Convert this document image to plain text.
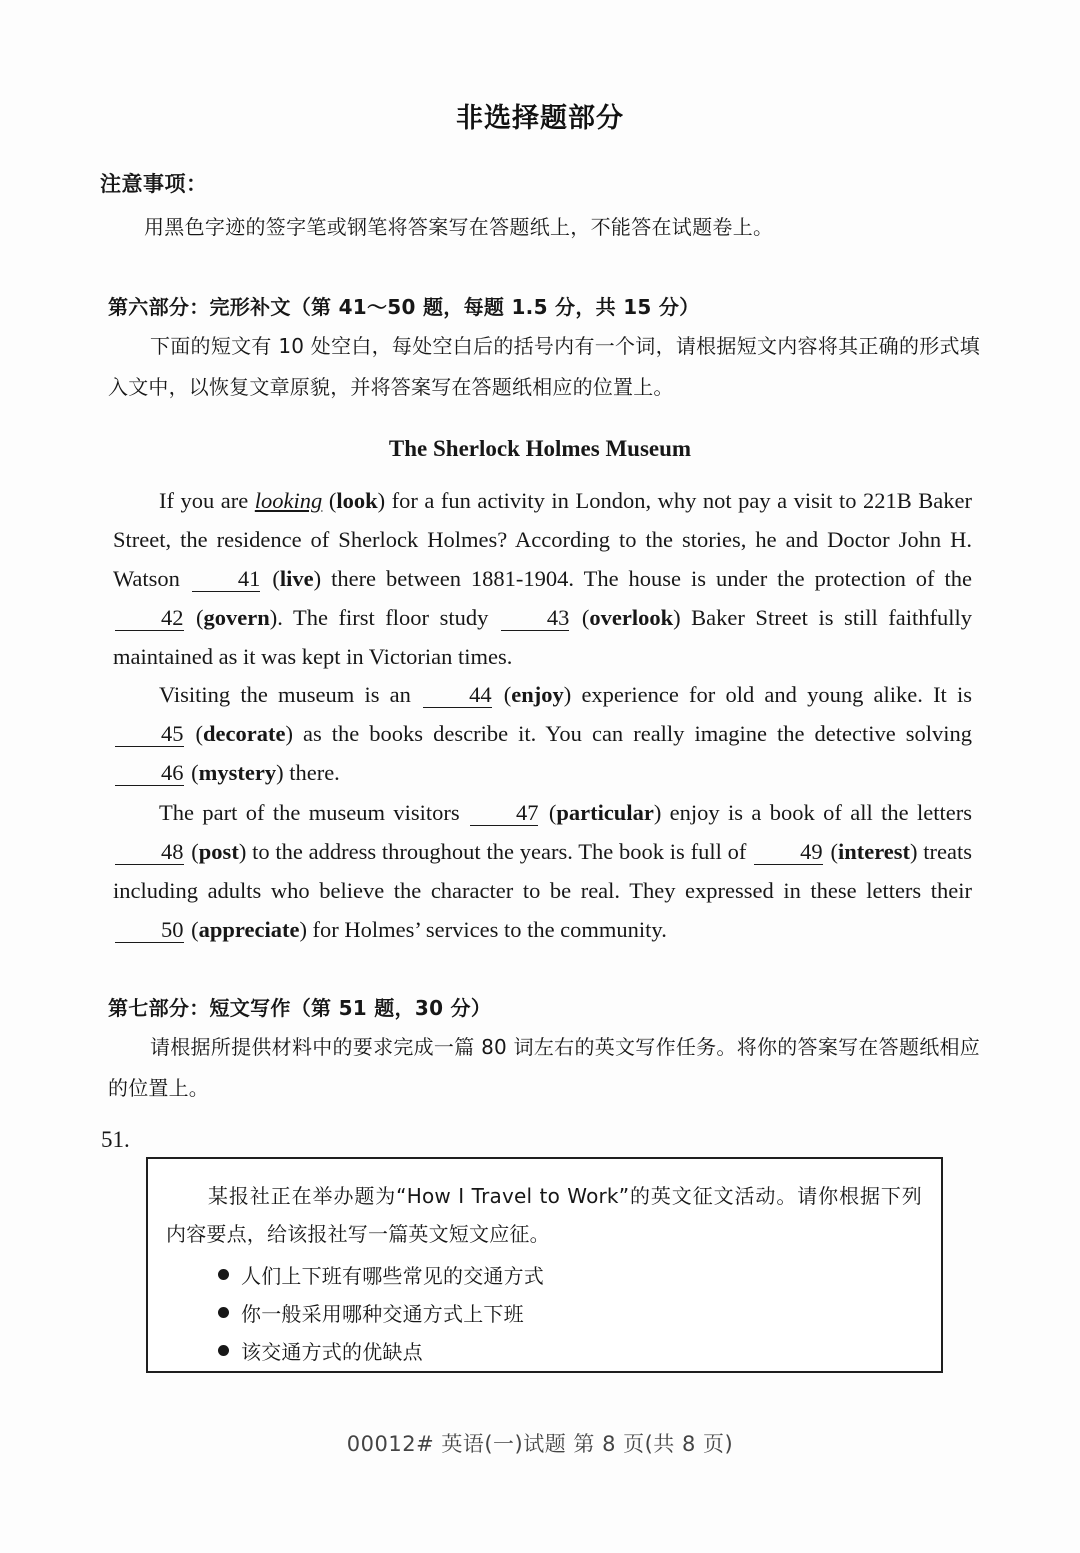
非选择题部分
注意事项：
用黑色字迹的签字笔或钢笔将答案写在答题纸上，不能答在试题卷上。
第六部分：完形补文（第 41～50 题，每题 1.5 分，共 15 分）
下面的短文有 10 处空白，每处空白后的括号内有一个词，请根据短文内容将其正确的形式填入文中，以恢复文章原貌，并将答案写在答题纸相应的位置上。
The Sherlock Holmes Museum

If you are looking (look) for a fun activity in London, why not pay a visit to 221B Baker Street, the residence of Sherlock Holmes? According to the stories, he and Doctor John H. Watson 41 (live) there between 1881-1904. The house is under the protection of the 42 (govern). The first floor study 43 (overlook) Baker Street is still faithfully maintained as it was kept in Victorian times.

Visiting the museum is an 44 (enjoy) experience for old and young alike. It is 45 (decorate) as the books describe it. You can really imagine the detective solving 46 (mystery) there.

The part of the museum visitors 47 (particular) enjoy is a book of all the letters 48 (post) to the address throughout the years. The book is full of 49 (interest) treats including adults who believe the character to be real. They expressed in these letters their 50 (appreciate) for Holmes’ services to the community.

第七部分：短文写作（第 51 题，30 分）
请根据所提供材料中的要求完成一篇 80 词左右的英文写作任务。将你的答案写在答题纸相应的位置上。
51.
某报社正在举办题为“How I Travel to Work”的英文征文活动。请你根据下列内容要点，给该报社写一篇英文短文应征。
人们上下班有哪些常见的交通方式
你一般采用哪种交通方式上下班
该交通方式的优缺点
00012# 英语(一)试题 第 8 页(共 8 页)
